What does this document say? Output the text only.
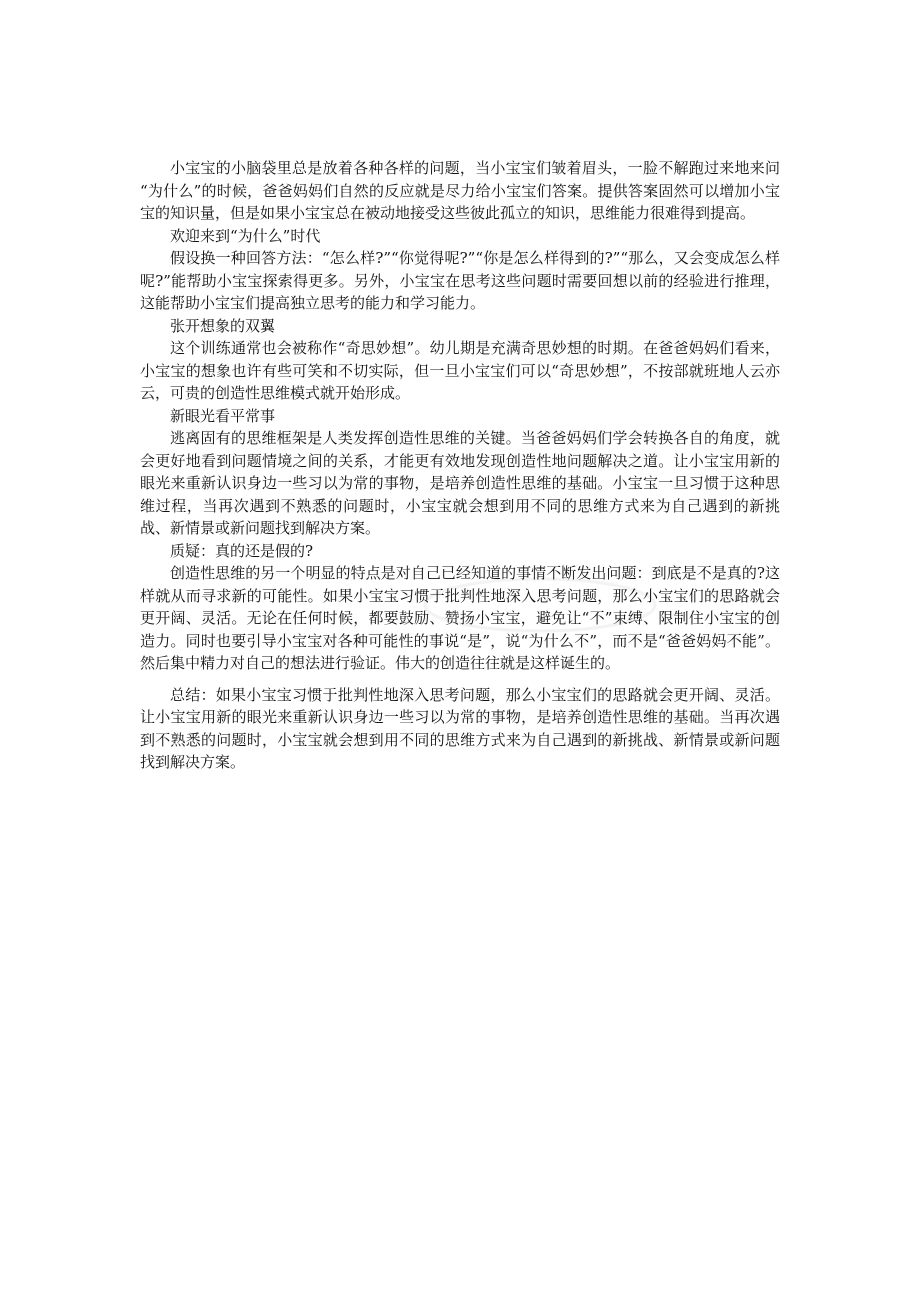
小宝宝的小脑袋里总是放着各种各样的问题，当小宝宝们皱着眉头，一脸不解跑过来地来问 “为什么”的时候，爸爸妈妈们自然的反应就是尽力给小宝宝们答案。提供答案固然可以增加小宝宝的知识量，但是如果小宝宝总在被动地接受这些彼此孤立的知识，思维能力很难得到提高。

欢迎来到“为什么”时代

假设换一种回答方法：“怎么样?”“你觉得呢?”“你是怎么样得到的?”“那么，又会变成怎么样呢?”能帮助小宝宝探索得更多。另外，小宝宝在思考这些问题时需要回想以前的经验进行推理，这能帮助小宝宝们提高独立思考的能力和学习能力。

张开想象的双翼

这个训练通常也会被称作“奇思妙想”。幼儿期是充满奇思妙想的时期。在爸爸妈妈们看来，小宝宝的想象也许有些可笑和不切实际，但一旦小宝宝们可以“奇思妙想”，不按部就班地人云亦云，可贵的创造性思维模式就开始形成。

新眼光看平常事

逃离固有的思维框架是人类发挥创造性思维的关键。当爸爸妈妈们学会转换各自的角度，就会更好地看到问题情境之间的关系，才能更有效地发现创造性地问题解决之道。让小宝宝用新的眼光来重新认识身边一些习以为常的事物，是培养创造性思维的基础。小宝宝一旦习惯于这种思维过程，当再次遇到不熟悉的问题时，小宝宝就会想到用不同的思维方式来为自己遇到的新挑战、新情景或新问题找到解决方案。

质疑：真的还是假的?

创造性思维的另一个明显的特点是对自己已经知道的事情不断发出问题：到底是不是真的?这样就从而寻求新的可能性。如果小宝宝习惯于批判性地深入思考问题，那么小宝宝们的思路就会更开阔、灵活。无论在任何时候，都要鼓励、赞扬小宝宝，避免让“不”束缚、限制住小宝宝的创造力。同时也要引导小宝宝对各种可能性的事说“是”，说“为什么不”，而不是“爸爸妈妈不能”。然后集中精力对自己的想法进行验证。伟大的创造往往就是这样诞生的。

总结：如果小宝宝习惯于批判性地深入思考问题，那么小宝宝们的思路就会更开阔、灵活。让小宝宝用新的眼光来重新认识身边一些习以为常的事物，是培养创造性思维的基础。当再次遇到不熟悉的问题时，小宝宝就会想到用不同的思维方式来为自己遇到的新挑战、新情景或新问题找到解决方案。
